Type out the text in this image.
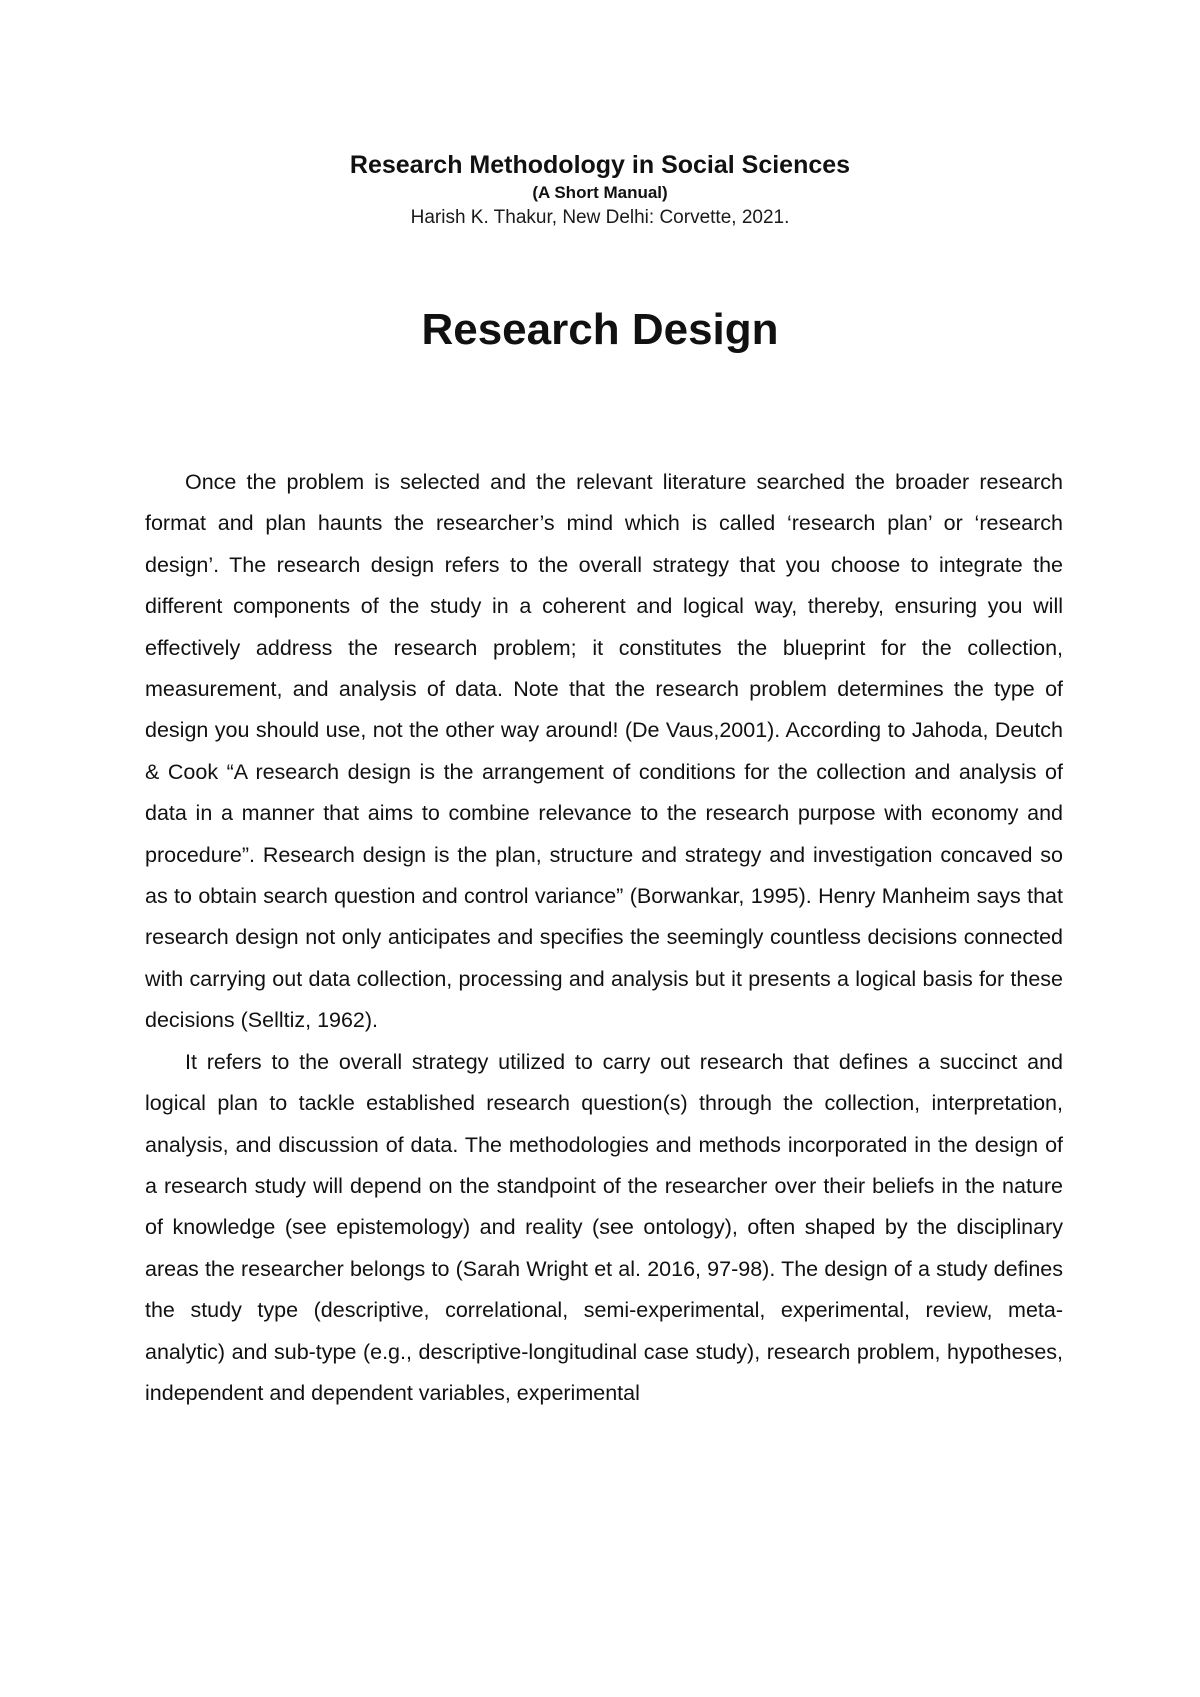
Research Methodology in Social Sciences

(A Short Manual)

Harish K. Thakur, New Delhi: Corvette, 2021.

Research Design

Once the problem is selected and the relevant literature searched the broader research format and plan haunts the researcher’s mind which is called ‘research plan’ or ‘research design’. The research design refers to the overall strategy that you choose to integrate the different components of the study in a coherent and logical way, thereby, ensuring you will effectively address the research problem; it constitutes the blueprint for the collection, measurement, and analysis of data. Note that the research problem determines the type of design you should use, not the other way around! (De Vaus,2001). According to Jahoda, Deutch & Cook “A research design is the arrangement of conditions for the collection and analysis of data in a manner that aims to combine relevance to the research purpose with economy and procedure”. Research design is the plan, structure and strategy and investigation concaved so as to obtain search question and control variance” (Borwankar, 1995). Henry Manheim says that research design not only anticipates and specifies the seemingly countless decisions connected with carrying out data collection, processing and analysis but it presents a logical basis for these decisions (Selltiz, 1962).

It refers to the overall strategy utilized to carry out research that defines a succinct and logical plan to tackle established research question(s) through the collection, interpretation, analysis, and discussion of data. The methodologies and methods incorporated in the design of a research study will depend on the standpoint of the researcher over their beliefs in the nature of knowledge (see epistemology) and reality (see ontology), often shaped by the disciplinary areas the researcher belongs to (Sarah Wright et al. 2016, 97-98). The design of a study defines the study type (descriptive, correlational, semi-experimental, experimental, review, meta-analytic) and sub-type (e.g., descriptive-longitudinal case study), research problem, hypotheses, independent and dependent variables, experimental
